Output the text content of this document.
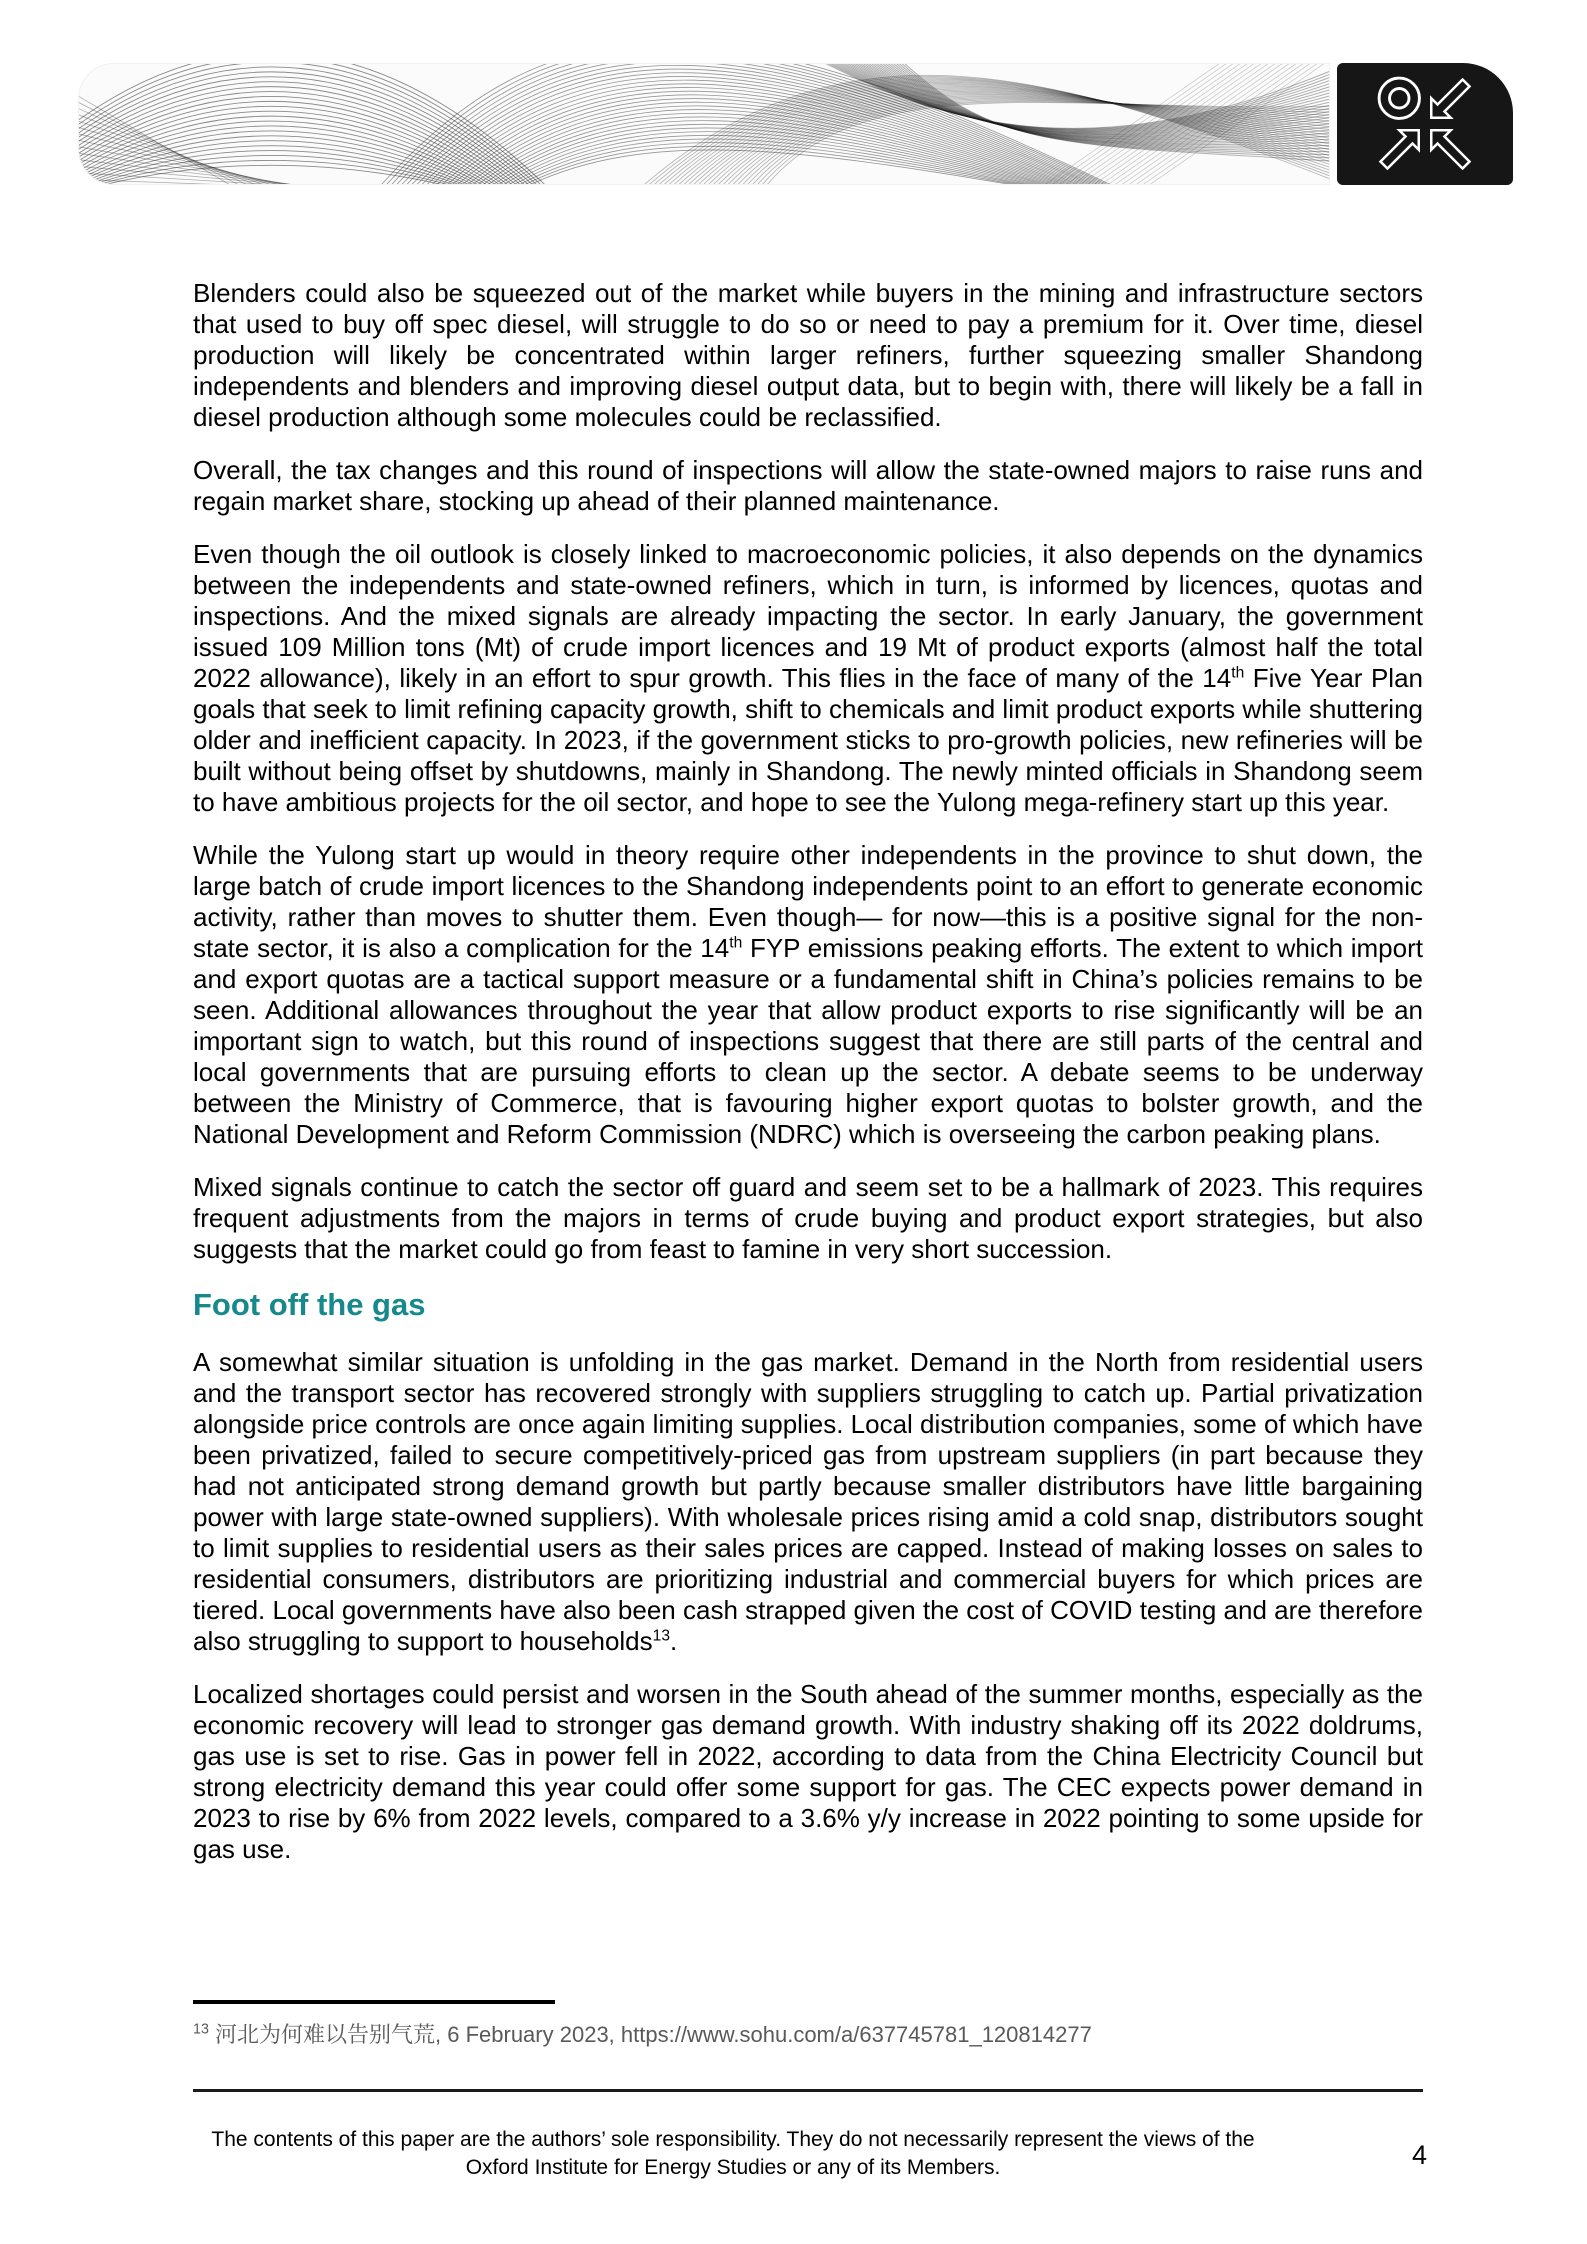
Blenders could also be squeezed out of the market while buyers in the mining and infrastructure sectors that used to buy off spec diesel, will struggle to do so or need to pay a premium for it. Over time, diesel production will likely be concentrated within larger refiners, further squeezing smaller Shandong independents and blenders and improving diesel output data, but to begin with, there will likely be a fall in diesel production although some molecules could be reclassified.

Overall, the tax changes and this round of inspections will allow the state-owned majors to raise runs and regain market share, stocking up ahead of their planned maintenance.

Even though the oil outlook is closely linked to macroeconomic policies, it also depends on the dynamics between the independents and state-owned refiners, which in turn, is informed by licences, quotas and inspections. And the mixed signals are already impacting the sector. In early January, the government issued 109 Million tons (Mt) of crude import licences and 19 Mt of product exports (almost half the total 2022 allowance), likely in an effort to spur growth. This flies in the face of many of the 14th Five Year Plan goals that seek to limit refining capacity growth, shift to chemicals and limit product exports while shuttering older and inefficient capacity. In 2023, if the government sticks to pro-growth policies, new refineries will be built without being offset by shutdowns, mainly in Shandong. The newly minted officials in Shandong seem to have ambitious projects for the oil sector, and hope to see the Yulong mega-refinery start up this year.

While the Yulong start up would in theory require other independents in the province to shut down, the large batch of crude import licences to the Shandong independents point to an effort to generate economic activity, rather than moves to shutter them. Even though— for now—this is a positive signal for the non-state sector, it is also a complication for the 14th FYP emissions peaking efforts. The extent to which import and export quotas are a tactical support measure or a fundamental shift in China’s policies remains to be seen. Additional allowances throughout the year that allow product exports to rise significantly will be an important sign to watch, but this round of inspections suggest that there are still parts of the central and local governments that are pursuing efforts to clean up the sector. A debate seems to be underway between the Ministry of Commerce, that is favouring higher export quotas to bolster growth, and the National Development and Reform Commission (NDRC) which is overseeing the carbon peaking plans.

Mixed signals continue to catch the sector off guard and seem set to be a hallmark of 2023. This requires frequent adjustments from the majors in terms of crude buying and product export strategies, but also suggests that the market could go from feast to famine in very short succession.

Foot off the gas

A somewhat similar situation is unfolding in the gas market. Demand in the North from residential users and the transport sector has recovered strongly with suppliers struggling to catch up. Partial privatization alongside price controls are once again limiting supplies. Local distribution companies, some of which have been privatized, failed to secure competitively-priced gas from upstream suppliers (in part because they had not anticipated strong demand growth but partly because smaller distributors have little bargaining power with large state-owned suppliers). With wholesale prices rising amid a cold snap, distributors sought to limit supplies to residential users as their sales prices are capped. Instead of making losses on sales to residential consumers, distributors are prioritizing industrial and commercial buyers for which prices are tiered. Local governments have also been cash strapped given the cost of COVID testing and are therefore also struggling to support to households$^{13}$.

Localized shortages could persist and worsen in the South ahead of the summer months, especially as the economic recovery will lead to stronger gas demand growth. With industry shaking off its 2022 doldrums, gas use is set to rise. Gas in power fell in 2022, according to data from the China Electricity Council but strong electricity demand this year could offer some support for gas. The CEC expects power demand in 2023 to rise by 6% from 2022 levels, compared to a 3.6% y/y increase in 2022 pointing to some upside for gas use.

$^{13}$ 河北为何难以告别气荒, 6 February 2023, https://www.sohu.com/a/637745781_120814277

The contents of this paper are the authors’ sole responsibility. They do not necessarily represent the views of the Oxford Institute for Energy Studies or any of its Members.	4
